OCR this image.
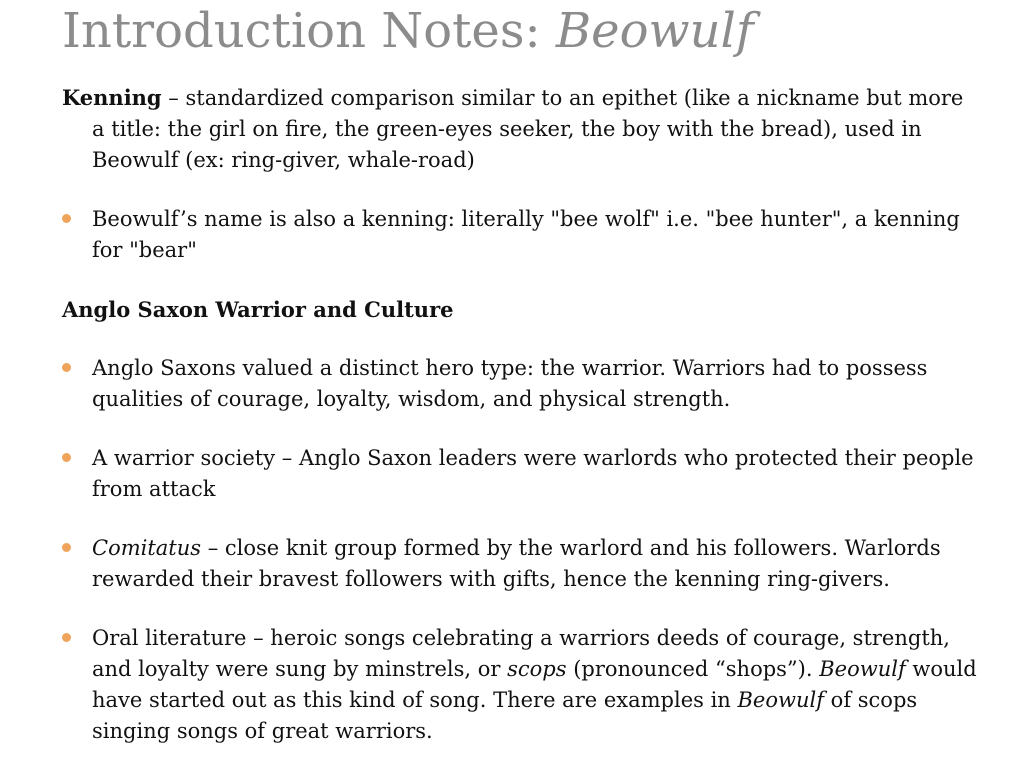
Introduction Notes: Beowulf

Kenning – standardized comparison similar to an epithet (like a nickname but more a title: the girl on fire, the green-eyes seeker, the boy with the bread), used in Beowulf (ex: ring-giver, whale-road)

Beowulf’s name is also a kenning: literally "bee wolf" i.e. "bee hunter", a kenning for "bear"

Anglo Saxon Warrior and Culture

Anglo Saxons valued a distinct hero type: the warrior. Warriors had to possess qualities of courage, loyalty, wisdom, and physical strength.
A warrior society – Anglo Saxon leaders were warlords who protected their people from attack
Comitatus – close knit group formed by the warlord and his followers. Warlords rewarded their bravest followers with gifts, hence the kenning ring-givers.
Oral literature – heroic songs celebrating a warriors deeds of courage, strength, and loyalty were sung by minstrels, or scops (pronounced “shops”). Beowulf would have started out as this kind of song. There are examples in Beowulf of scops singing songs of great warriors.
